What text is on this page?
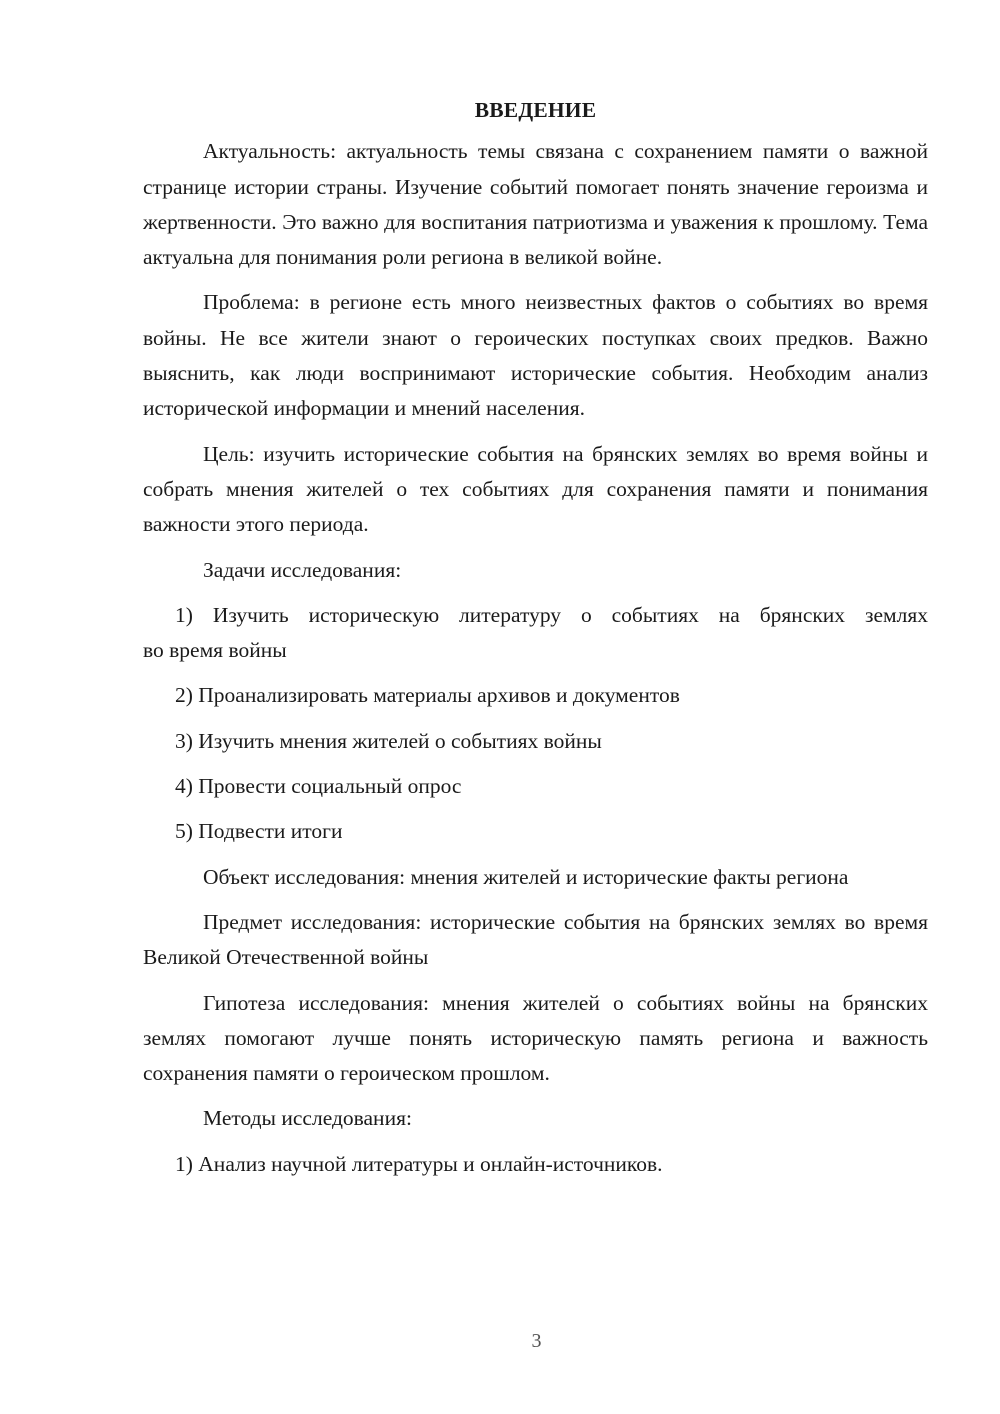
ВВЕДЕНИЕ

Актуальность: актуальность темы связана с сохранением памяти о важной странице истории страны. Изучение событий помогает понять значение героизма и жертвенности. Это важно для воспитания патриотизма и уважения к прошлому. Тема актуальна для понимания роли региона в великой войне.

Проблема: в регионе есть много неизвестных фактов о событиях во время войны. Не все жители знают о героических поступках своих предков. Важно выяснить, как люди воспринимают исторические события. Необходим анализ исторической информации и мнений населения.

Цель: изучить исторические события на брянских землях во время войны и собрать мнения жителей о тех событиях для сохранения памяти и понимания важности этого периода.

Задачи исследования:

1) Изучить историческую литературу о событиях на брянских землях
во время войны

2) Проанализировать материалы архивов и документов

3) Изучить мнения жителей о событиях войны

4) Провести социальный опрос

5) Подвести итоги

Объект исследования: мнения жителей и исторические факты региона

Предмет исследования: исторические события на брянских землях во время Великой Отечественной войны

Гипотеза исследования: мнения жителей о событиях войны на брянских землях помогают лучше понять историческую память региона и важность сохранения памяти о героическом прошлом.

Методы исследования:

1) Анализ научной литературы и онлайн-источников.

3
